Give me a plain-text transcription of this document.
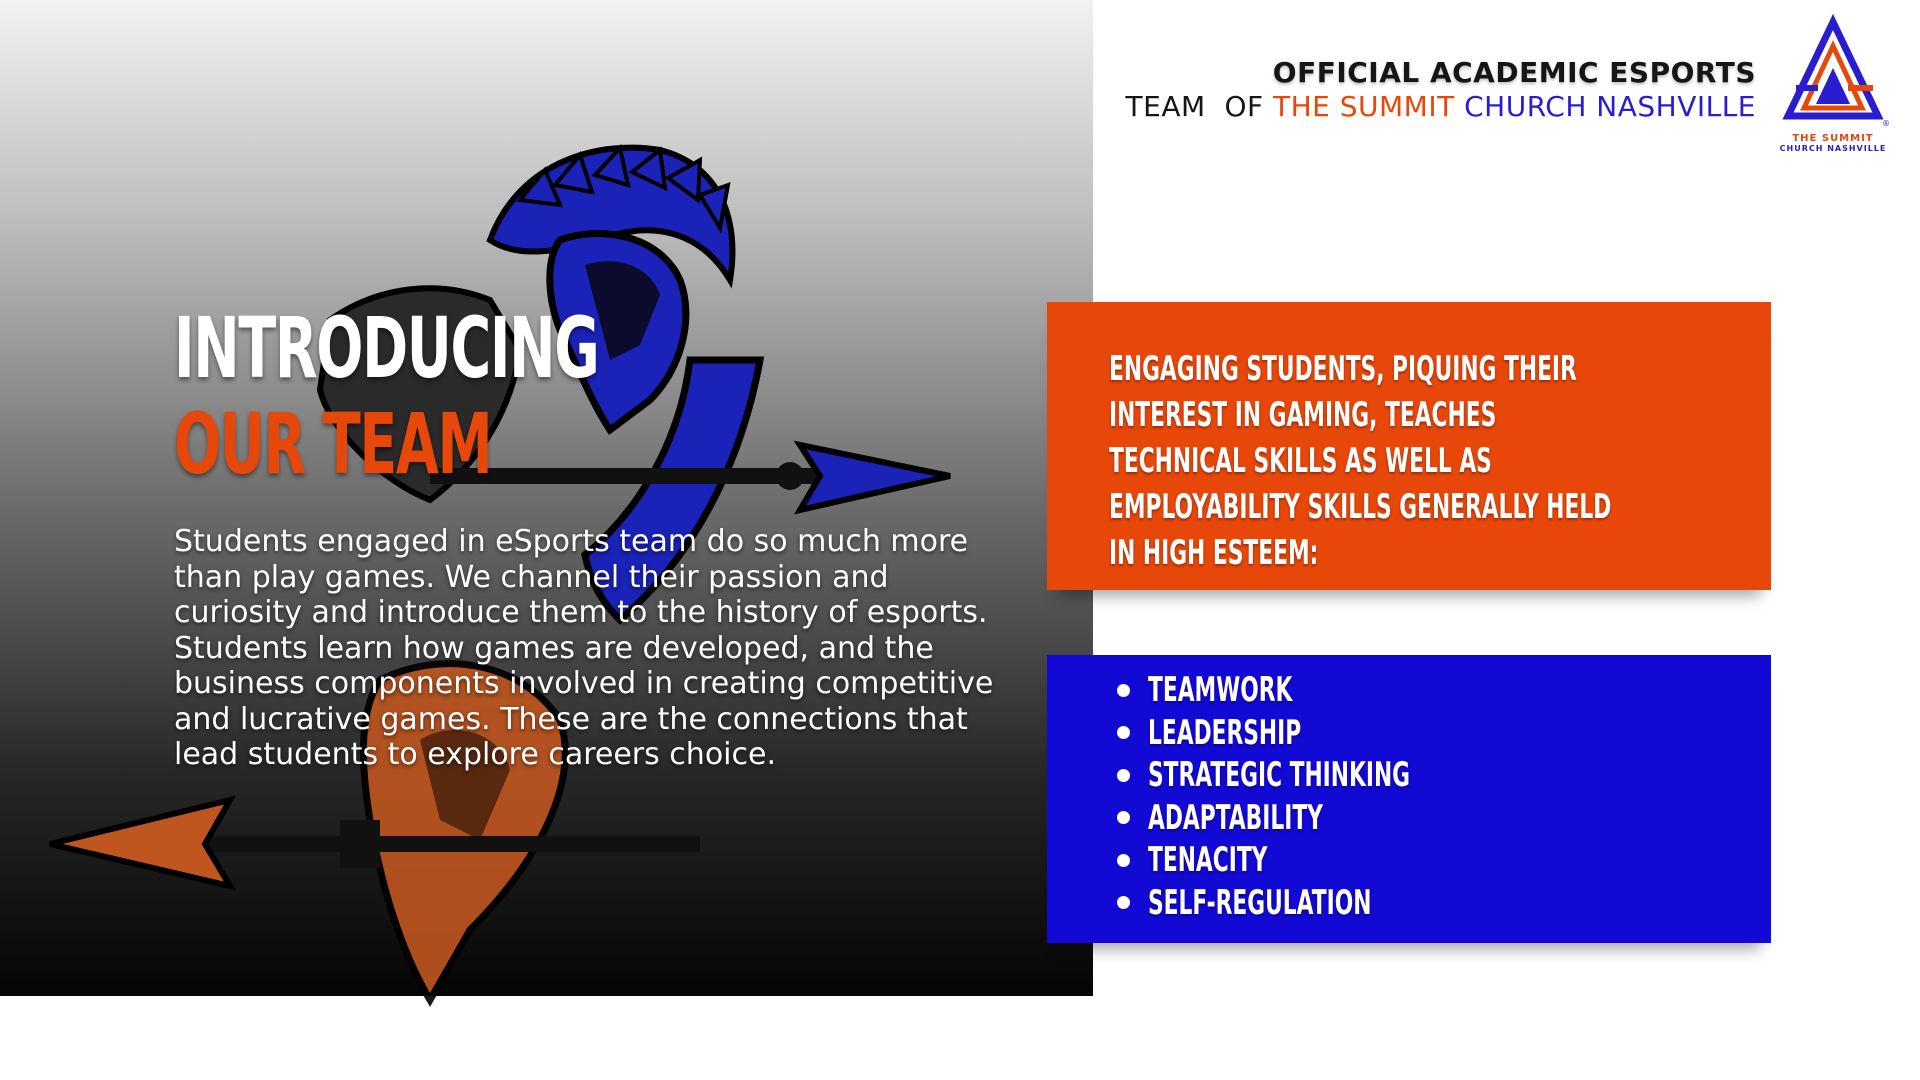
INTRODUCING
OUR TEAM
Students engaged in eSports team do so much more than play games. We channel their passion and curiosity and introduce them to the history of esports. Students learn how games are developed, and the business components involved in creating competitive and lucrative games. These are the connections that lead students to explore careers choice.
OFFICIAL ACADEMIC ESPORTS
TEAM  OF THE SUMMIT CHURCH NASHVILLE
®
THE SUMMIT
CHURCH NASHVILLE

ENGAGING STUDENTS, PIQUING THEIR INTEREST IN GAMING, TEACHES TECHNICAL SKILLS AS WELL AS EMPLOYABILITY SKILLS GENERALLY HELD IN HIGH ESTEEM:

TEAMWORK
LEADERSHIP
STRATEGIC THINKING
ADAPTABILITY
TENACITY
SELF-REGULATION
